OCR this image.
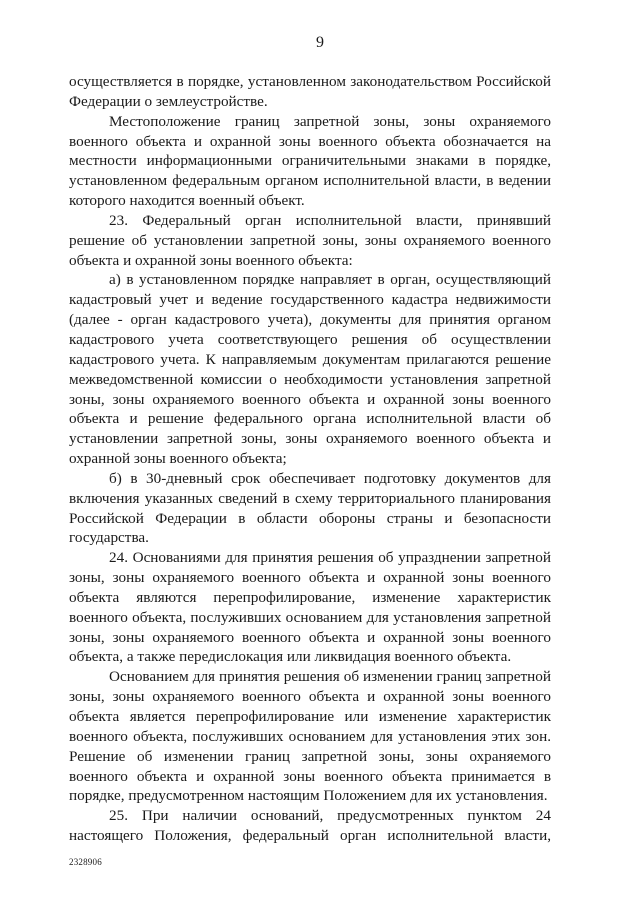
9

осуществляется в порядке, установленном законодательством Российской Федерации о землеустройстве.

Местоположение границ запретной зоны, зоны охраняемого военного объекта и охранной зоны военного объекта обозначается на местности информационными ограничительными знаками в порядке, установленном федеральным органом исполнительной власти, в ведении которого находится военный объект.

23. Федеральный орган исполнительной власти, принявший решение об установлении запретной зоны, зоны охраняемого военного объекта и охранной зоны военного объекта:

а) в установленном порядке направляет в орган, осуществляющий кадастровый учет и ведение государственного кадастра недвижимости (далее - орган кадастрового учета), документы для принятия органом кадастрового учета соответствующего решения об осуществлении кадастрового учета. К направляемым документам прилагаются решение межведомственной комиссии о необходимости установления запретной зоны, зоны охраняемого военного объекта и охранной зоны военного объекта и решение федерального органа исполнительной власти об установлении запретной зоны, зоны охраняемого военного объекта и охранной зоны военного объекта;

б) в 30-дневный срок обеспечивает подготовку документов для включения указанных сведений в схему территориального планирования Российской Федерации в области обороны страны и безопасности государства.

24. Основаниями для принятия решения об упразднении запретной зоны, зоны охраняемого военного объекта и охранной зоны военного объекта являются перепрофилирование, изменение характеристик военного объекта, послуживших основанием для установления запретной зоны, зоны охраняемого военного объекта и охранной зоны военного объекта, а также передислокация или ликвидация военного объекта.

Основанием для принятия решения об изменении границ запретной зоны, зоны охраняемого военного объекта и охранной зоны военного объекта является перепрофилирование или изменение характеристик военного объекта, послуживших основанием для установления этих зон. Решение об изменении границ запретной зоны, зоны охраняемого военного объекта и охранной зоны военного объекта принимается в порядке, предусмотренном настоящим Положением для их установления.

25. При наличии оснований, предусмотренных пунктом 24 настоящего Положения, федеральный орган исполнительной власти,

2328906
